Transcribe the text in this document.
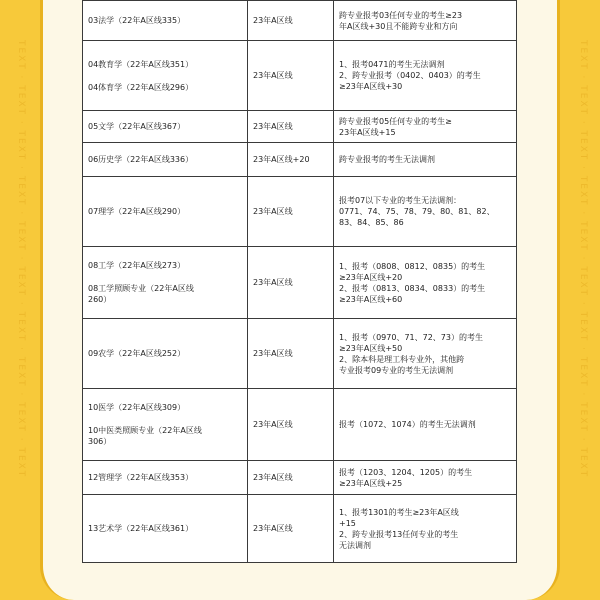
TEXT · TEXT · TEXT · TEXT · TEXT · TEXT · TEXT · TEXT · TEXT · TEXT	TEXT · TEXT · TEXT · TEXT · TEXT · TEXT · TEXT · TEXT · TEXT · TEXT
03法学（22年A区线335）	23年A区线	跨专业报考03任何专业的考生≥23
年A区线+30且不能跨专业和方向

04教育学（22年A区线351）
04体育学（22年A区线296）	23年A区线	1、报考0471的考生无法调剂
2、跨专业报考（0402、0403）的考生
≥23年A区线+30

05文学（22年A区线367）	23年A区线	跨专业报考05任何专业的考生≥
23年A区线+15

06历史学（22年A区线336）	23年A区线+20	跨专业报考的考生无法调剂

07理学（22年A区线290）	23年A区线	报考07以下专业的考生无法调剂：
0771、74、75、78、79、80、81、82、
83、84、85、86

08工学（22年A区线273）
08工学照顾专业（22年A区线
260）	23年A区线	1、报考（0808、0812、0835）的考生
≥23年A区线+20
2、报考（0813、0834、0833）的考生
≥23年A区线+60

09农学（22年A区线252）	23年A区线	1、报考（0970、71、72、73）的考生
≥23年A区线+50
2、除本科是理工科专业外，其他跨
专业报考09专业的考生无法调剂

10医学（22年A区线309）
10中医类照顾专业（22年A区线
306）	23年A区线	报考（1072、1074）的考生无法调剂

12管理学（22年A区线353）	23年A区线	报考（1203、1204、1205）的考生
≥23年A区线+25

13艺术学（22年A区线361）	23年A区线	1、报考1301的考生≥23年A区线
+15
2、跨专业报考13任何专业的考生
无法调剂
